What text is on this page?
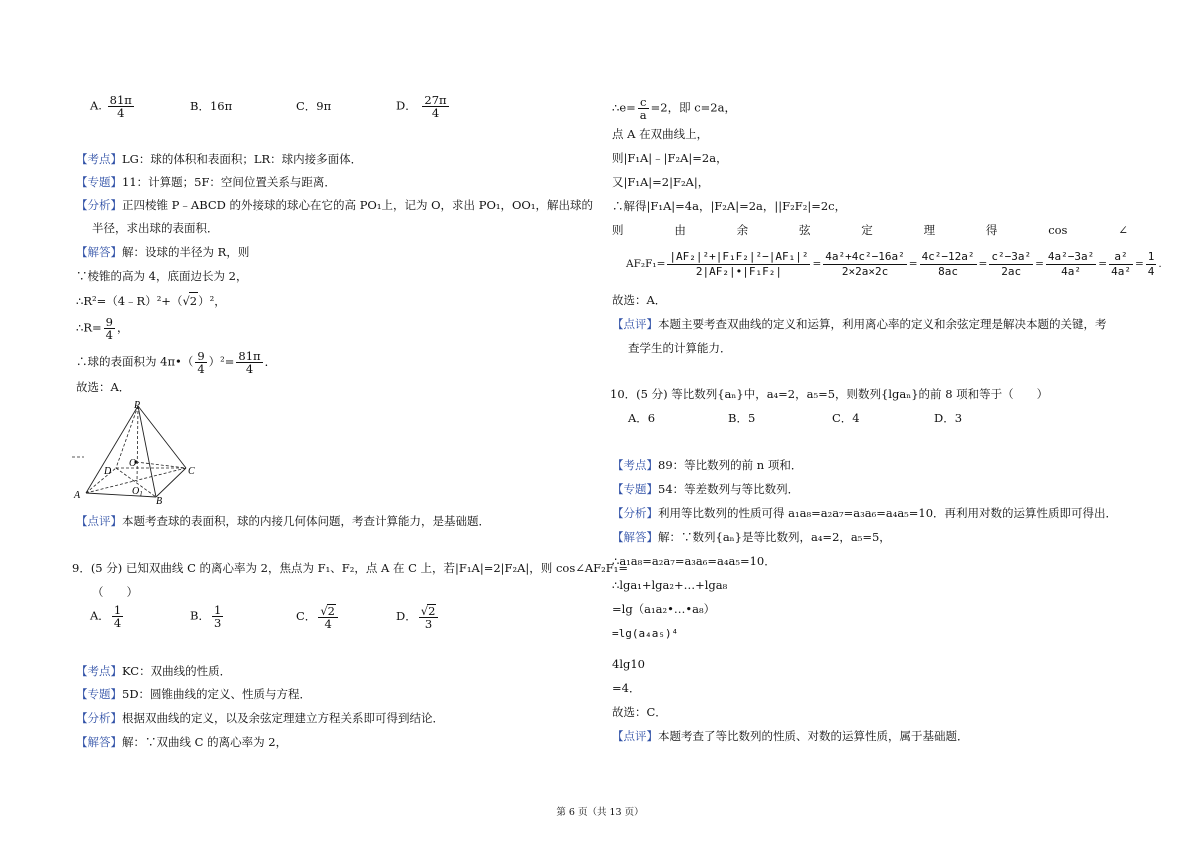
A. $\frac{81\pi}{4}$	B．16π	C．9π	D． $\frac{27\pi}{4}$
【考点】LG：球的体积和表面积；LR：球内接多面体．
【专题】11：计算题；5F：空间位置关系与距离．
【分析】正四棱锥 P﹣ABCD 的外接球的球心在它的高 PO₁上，记为 O，求出 PO₁，OO₁，解出球的
半径，求出球的表面积．
【解答】解：设球的半径为 R，则
∵棱锥的高为 4，底面边长为 2，
∴R²=（4﹣R）²+（√2）²，
∴R= $\frac{9}{4}$ ，
∴球的表面积为 4π•（ $\frac{9}{4} )^2= \frac{81\pi}{4}$ ．
故选：A．
P
O
D	C
A	$O_1$
B
【点评】本题考查球的表面积，球的内接几何体问题，考查计算能力，是基础题．
9．(5 分) 已知双曲线 C 的离心率为 2，焦点为 F₁、F₂，点 A 在 C 上，若|F₁A|=2|F₂A|，则 cos∠AF₂F₁=
（　　）
A． $\frac{1}{4}$	B． $\frac{1}{3}$	C． $\frac{√2}{4}$	D． $\frac{√2}{3}$
【考点】KC：双曲线的性质．
【专题】5D：圆锥曲线的定义、性质与方程．
【分析】根据双曲线的定义，以及余弦定理建立方程关系即可得到结论．
【解答】解：∵双曲线 C 的离心率为 2，
∴e= $\frac{c}{a} =2$，即 c=2a，
点 A 在双曲线上，
则|F₁A|﹣|F₂A|=2a，
又|F₁A|=2|F₂A|，
∴解得|F₁A|=4a，|F₂A|=2a，||F₂F₂|=2c，
则	由	余	弦	定	理	得	cos	∠
$AF_2F_1= \frac{\text{|AF₂|²+|F₁F₂|²−|AF₁|²}}{\text{2|AF₂|•|F₁F₂|}} = \frac{\text{4a²+4c²−16a²}}{2\times 2a\times 2c} = \frac{\text{4c²−12a²}}{8ac} = \frac{\text{c²−3a²}}{2ac} = \frac{\text{4a²−3a²}}{\text{4a²}} = \frac{\text{a²}}{\text{4a²}} = \frac{1}{4}$ .
故选：A．
【点评】本题主要考查双曲线的定义和运算，利用离心率的定义和余弦定理是解决本题的关键，考
查学生的计算能力．
10．(5 分) 等比数列{aₙ}中，a₄=2，a₅=5，则数列{lgaₙ}的前 8 项和等于（　　）
A．6	B．5	C．4	D．3
【考点】89：等比数列的前 n 项和．
【专题】54：等差数列与等比数列．
【分析】利用等比数列的性质可得 a₁a₈=a₂a₇=a₃a₆=a₄a₅=10．再利用对数的运算性质即可得出．
【解答】解：∵数列{aₙ}是等比数列，a₄=2，a₅=5，
∴a₁a₈=a₂a₇=a₃a₆=a₄a₅=10．
∴lga₁+lga₂+…+lga₈
=lg（a₁a₂•…•a₈）
=lg(a₄a₅)⁴
4lg10
=4．
故选：C．
【点评】本题考查了等比数列的性质、对数的运算性质，属于基础题．
第 6 页（共 13 页）
